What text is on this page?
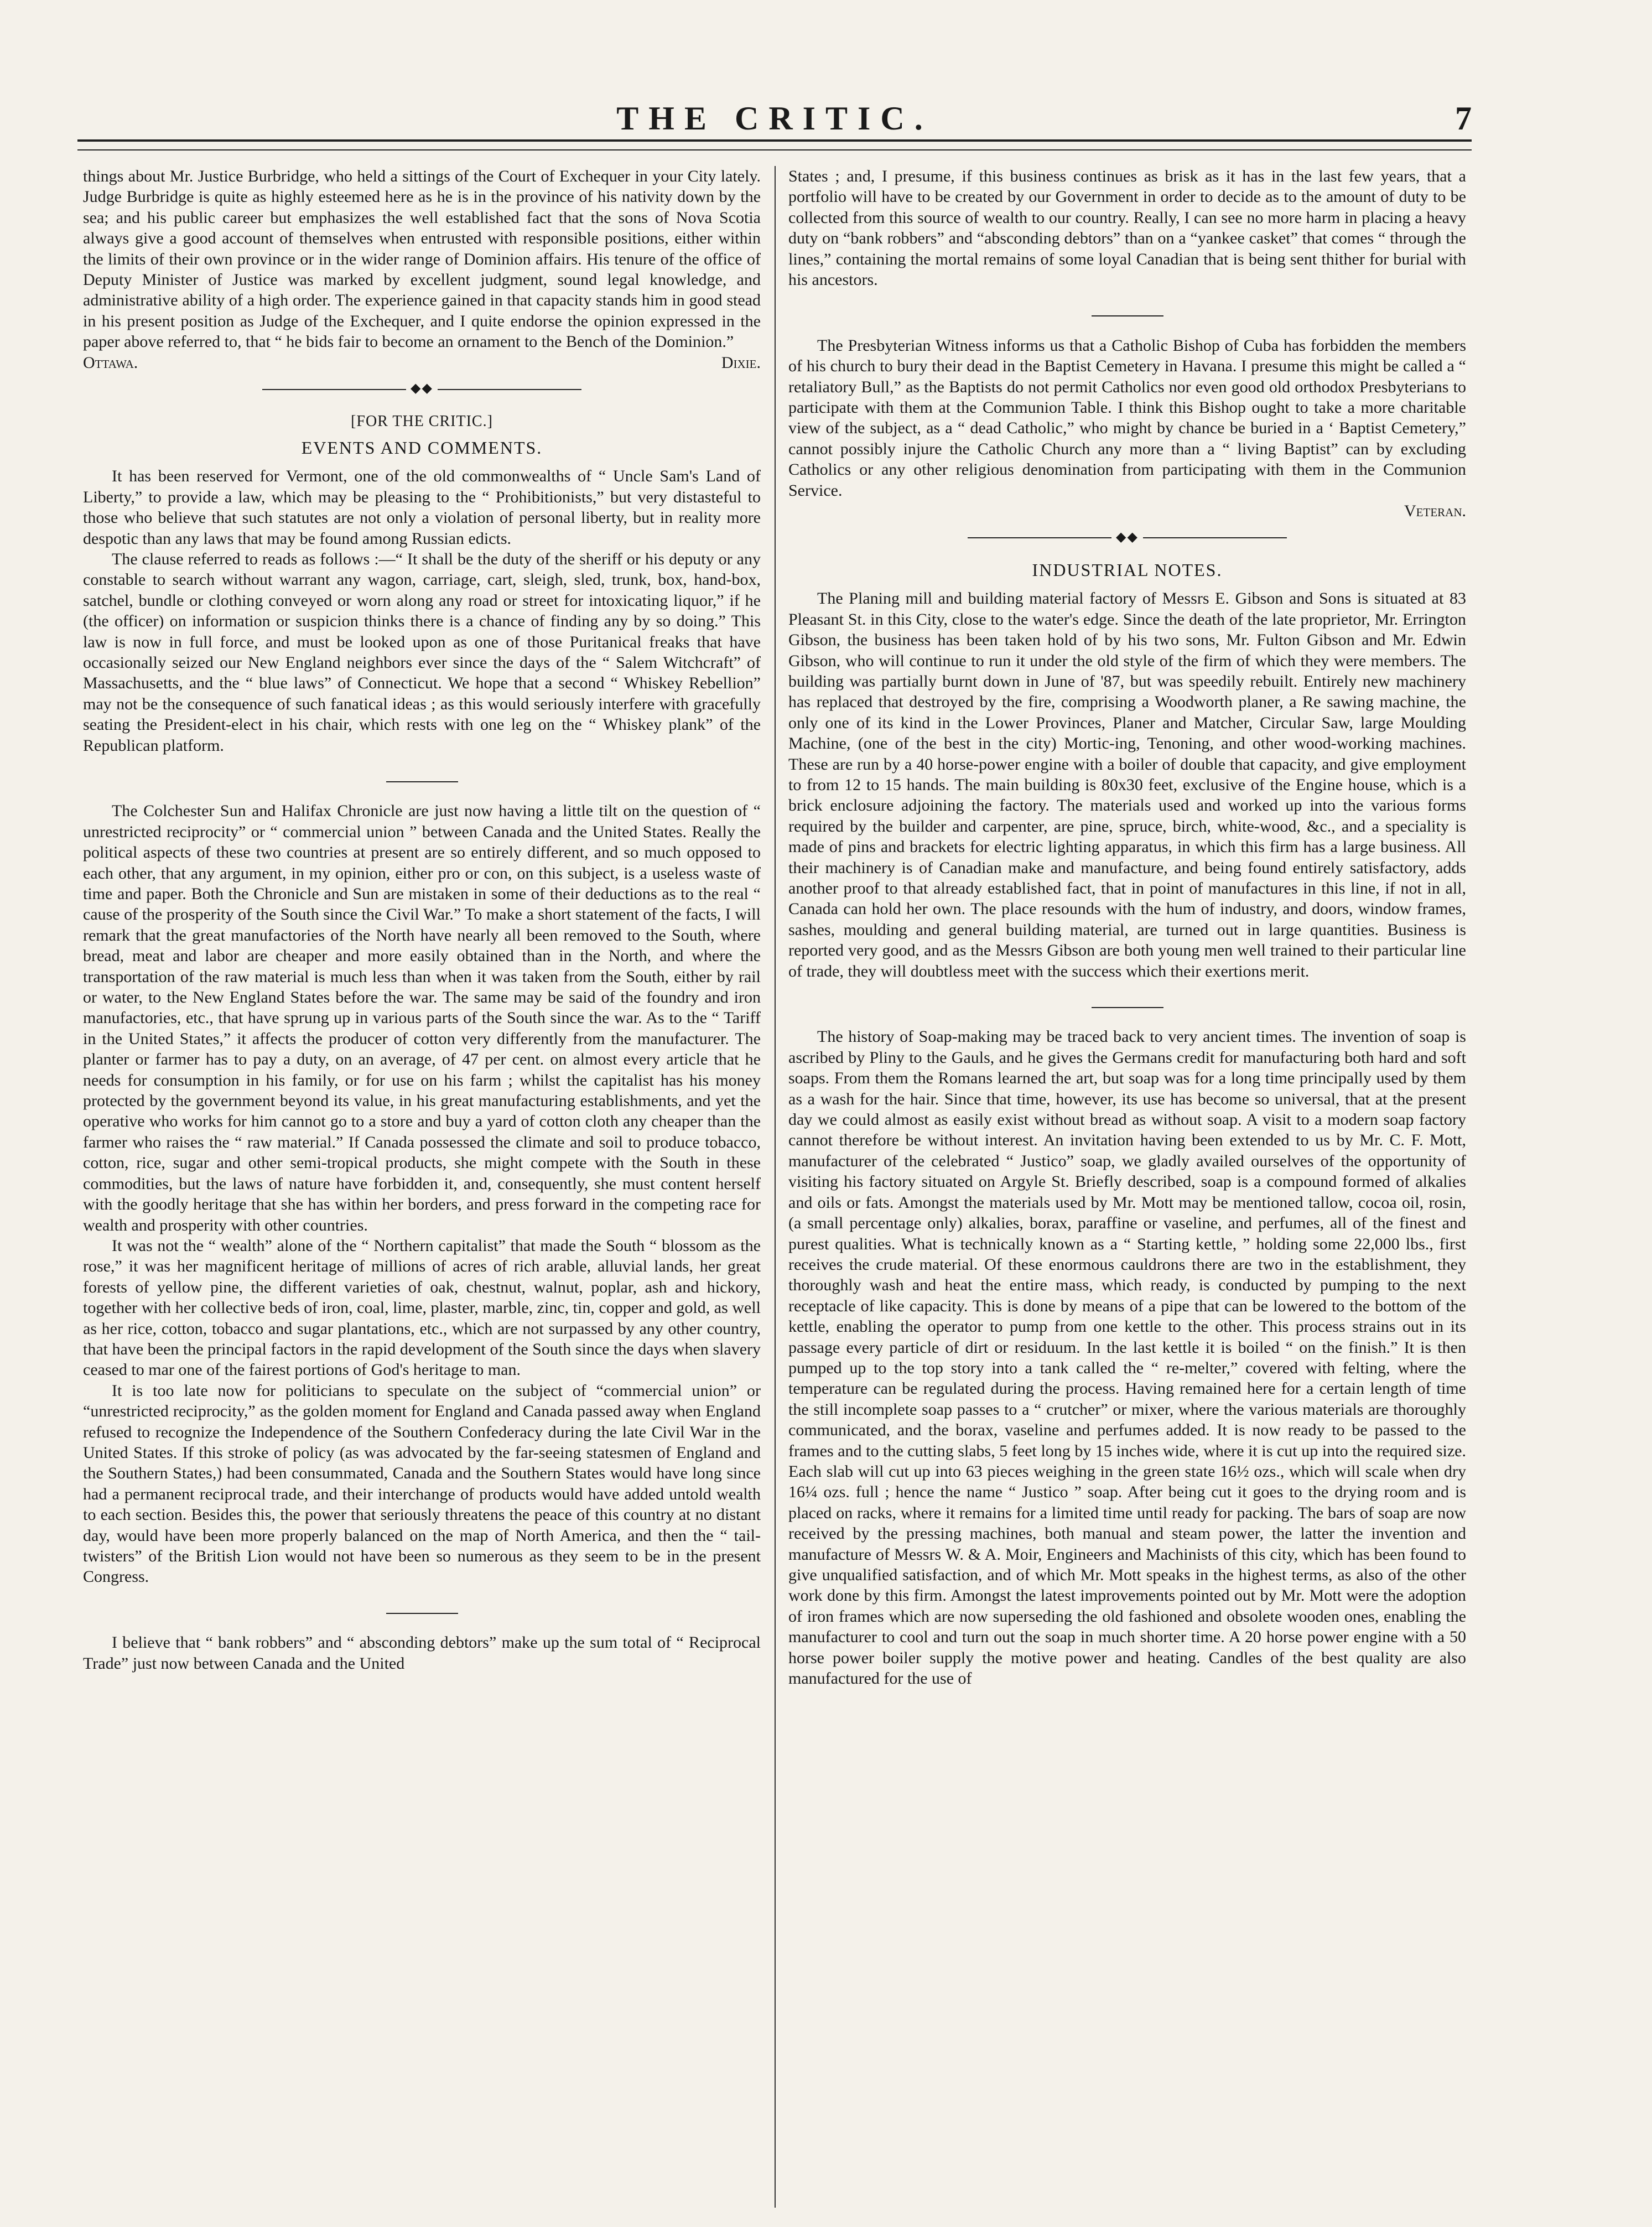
THE CRITIC.	7

things about Mr. Justice Burbridge, who held a sittings of the Court of Exchequer in your City lately. Judge Burbridge is quite as highly esteemed here as he is in the province of his nativity down by the sea; and his public career but emphasizes the well established fact that the sons of Nova Scotia always give a good account of themselves when entrusted with responsible positions, either within the limits of their own province or in the wider range of Dominion affairs. His tenure of the office of Deputy Minister of Justice was marked by excellent judgment, sound legal knowledge, and administrative ability of a high order. The experience gained in that capacity stands him in good stead in his present position as Judge of the Exchequer, and I quite endorse the opinion expressed in the paper above referred to, that “ he bids fair to become an ornament to the Bench of the Dominion.”

Ottawa.	Dixie.
◆◆
[FOR THE CRITIC.]
EVENTS AND COMMENTS.

It has been reserved for Vermont, one of the old commonwealths of “ Uncle Sam's Land of Liberty,” to provide a law, which may be pleasing to the “ Prohibitionists,” but very distasteful to those who believe that such statutes are not only a violation of personal liberty, but in reality more despotic than any laws that may be found among Russian edicts.

The clause referred to reads as follows :—“ It shall be the duty of the sheriff or his deputy or any constable to search without warrant any wagon, carriage, cart, sleigh, sled, trunk, box, hand-box, satchel, bundle or clothing conveyed or worn along any road or street for intoxicating liquor,” if he (the officer) on information or suspicion thinks there is a chance of finding any by so doing.” This law is now in full force, and must be looked upon as one of those Puritanical freaks that have occasionally seized our New England neighbors ever since the days of the “ Salem Witchcraft” of Massachusetts, and the “ blue laws” of Connecticut. We hope that a second “ Whiskey Rebellion” may not be the consequence of such fanatical ideas ; as this would seriously interfere with gracefully seating the President-elect in his chair, which rests with one leg on the “ Whiskey plank” of the Republican platform.

The Colchester Sun and Halifax Chronicle are just now having a little tilt on the question of “ unrestricted reciprocity” or “ commercial union ” between Canada and the United States. Really the political aspects of these two countries at present are so entirely different, and so much opposed to each other, that any argument, in my opinion, either pro or con, on this subject, is a useless waste of time and paper. Both the Chronicle and Sun are mistaken in some of their deductions as to the real “ cause of the prosperity of the South since the Civil War.” To make a short statement of the facts, I will remark that the great manufactories of the North have nearly all been removed to the South, where bread, meat and labor are cheaper and more easily obtained than in the North, and where the transportation of the raw material is much less than when it was taken from the South, either by rail or water, to the New England States before the war. The same may be said of the foundry and iron manufactories, etc., that have sprung up in various parts of the South since the war. As to the “ Tariff in the United States,” it affects the producer of cotton very differently from the manufacturer. The planter or farmer has to pay a duty, on an average, of 47 per cent. on almost every article that he needs for consumption in his family, or for use on his farm ; whilst the capitalist has his money protected by the government beyond its value, in his great manufacturing establishments, and yet the operative who works for him cannot go to a store and buy a yard of cotton cloth any cheaper than the farmer who raises the “ raw material.” If Canada possessed the climate and soil to produce tobacco, cotton, rice, sugar and other semi-tropical products, she might compete with the South in these commodities, but the laws of nature have forbidden it, and, consequently, she must content herself with the goodly heritage that she has within her borders, and press forward in the competing race for wealth and prosperity with other countries.

It was not the “ wealth” alone of the “ Northern capitalist” that made the South “ blossom as the rose,” it was her magnificent heritage of millions of acres of rich arable, alluvial lands, her great forests of yellow pine, the different varieties of oak, chestnut, walnut, poplar, ash and hickory, together with her collective beds of iron, coal, lime, plaster, marble, zinc, tin, copper and gold, as well as her rice, cotton, tobacco and sugar plantations, etc., which are not surpassed by any other country, that have been the principal factors in the rapid development of the South since the days when slavery ceased to mar one of the fairest portions of God's heritage to man.

It is too late now for politicians to speculate on the subject of “commercial union” or “unrestricted reciprocity,” as the golden moment for England and Canada passed away when England refused to recognize the Independence of the Southern Confederacy during the late Civil War in the United States. If this stroke of policy (as was advocated by the far-seeing statesmen of England and the Southern States,) had been consummated, Canada and the Southern States would have long since had a permanent reciprocal trade, and their interchange of products would have added untold wealth to each section. Besides this, the power that seriously threatens the peace of this country at no distant day, would have been more properly balanced on the map of North America, and then the “ tail-twisters” of the British Lion would not have been so numerous as they seem to be in the present Congress.

I believe that “ bank robbers” and “ absconding debtors” make up the sum total of “ Reciprocal Trade” just now between Canada and the United

States ; and, I presume, if this business continues as brisk as it has in the last few years, that a portfolio will have to be created by our Government in order to decide as to the amount of duty to be collected from this source of wealth to our country. Really, I can see no more harm in placing a heavy duty on “bank robbers” and “absconding debtors” than on a “yankee casket” that comes “ through the lines,” containing the mortal remains of some loyal Canadian that is being sent thither for burial with his ancestors.

The Presbyterian Witness informs us that a Catholic Bishop of Cuba has forbidden the members of his church to bury their dead in the Baptist Cemetery in Havana. I presume this might be called a “ retaliatory Bull,” as the Baptists do not permit Catholics nor even good old orthodox Presbyterians to participate with them at the Communion Table. I think this Bishop ought to take a more charitable view of the subject, as a “ dead Catholic,” who might by chance be buried in a ‘ Baptist Cemetery,” cannot possibly injure the Catholic Church any more than a “ living Baptist” can by excluding Catholics or any other religious denomination from participating with them in the Communion Service.

Veteran.
◆◆
INDUSTRIAL NOTES.

The Planing mill and building material factory of Messrs E. Gibson and Sons is situated at 83 Pleasant St. in this City, close to the water's edge. Since the death of the late proprietor, Mr. Errington Gibson, the business has been taken hold of by his two sons, Mr. Fulton Gibson and Mr. Edwin Gibson, who will continue to run it under the old style of the firm of which they were members. The building was partially burnt down in June of '87, but was speedily rebuilt. Entirely new machinery has replaced that destroyed by the fire, comprising a Woodworth planer, a Re sawing machine, the only one of its kind in the Lower Provinces, Planer and Matcher, Circular Saw, large Moulding Machine, (one of the best in the city) Mortic-ing, Tenoning, and other wood-working machines. These are run by a 40 horse-power engine with a boiler of double that capacity, and give employment to from 12 to 15 hands. The main building is 80x30 feet, exclusive of the Engine house, which is a brick enclosure adjoining the factory. The materials used and worked up into the various forms required by the builder and carpenter, are pine, spruce, birch, white-wood, &c., and a speciality is made of pins and brackets for electric lighting apparatus, in which this firm has a large business. All their machinery is of Canadian make and manufacture, and being found entirely satisfactory, adds another proof to that already established fact, that in point of manufactures in this line, if not in all, Canada can hold her own. The place resounds with the hum of industry, and doors, window frames, sashes, moulding and general building material, are turned out in large quantities. Business is reported very good, and as the Messrs Gibson are both young men well trained to their particular line of trade, they will doubtless meet with the success which their exertions merit.

The history of Soap-making may be traced back to very ancient times. The invention of soap is ascribed by Pliny to the Gauls, and he gives the Germans credit for manufacturing both hard and soft soaps. From them the Romans learned the art, but soap was for a long time principally used by them as a wash for the hair. Since that time, however, its use has become so universal, that at the present day we could almost as easily exist without bread as without soap. A visit to a modern soap factory cannot therefore be without interest. An invitation having been extended to us by Mr. C. F. Mott, manufacturer of the celebrated “ Justico” soap, we gladly availed ourselves of the opportunity of visiting his factory situated on Argyle St. Briefly described, soap is a compound formed of alkalies and oils or fats. Amongst the materials used by Mr. Mott may be mentioned tallow, cocoa oil, rosin, (a small percentage only) alkalies, borax, paraffine or vaseline, and perfumes, all of the finest and purest qualities. What is technically known as a “ Starting kettle, ” holding some 22,000 lbs., first receives the crude material. Of these enormous cauldrons there are two in the establishment, they thoroughly wash and heat the entire mass, which ready, is conducted by pumping to the next receptacle of like capacity. This is done by means of a pipe that can be lowered to the bottom of the kettle, enabling the operator to pump from one kettle to the other. This process strains out in its passage every particle of dirt or residuum. In the last kettle it is boiled “ on the finish.” It is then pumped up to the top story into a tank called the “ re-melter,” covered with felting, where the temperature can be regulated during the process. Having remained here for a certain length of time the still incomplete soap passes to a “ crutcher” or mixer, where the various materials are thoroughly communicated, and the borax, vaseline and perfumes added. It is now ready to be passed to the frames and to the cutting slabs, 5 feet long by 15 inches wide, where it is cut up into the required size. Each slab will cut up into 63 pieces weighing in the green state 16½ ozs., which will scale when dry 16¼ ozs. full ; hence the name “ Justico ” soap. After being cut it goes to the drying room and is placed on racks, where it remains for a limited time until ready for packing. The bars of soap are now received by the pressing machines, both manual and steam power, the latter the invention and manufacture of Messrs W. & A. Moir, Engineers and Machinists of this city, which has been found to give unqualified satisfaction, and of which Mr. Mott speaks in the highest terms, as also of the other work done by this firm. Amongst the latest improvements pointed out by Mr. Mott were the adoption of iron frames which are now superseding the old fashioned and obsolete wooden ones, enabling the manufacturer to cool and turn out the soap in much shorter time. A 20 horse power engine with a 50 horse power boiler supply the motive power and heating. Candles of the best quality are also manufactured for the use of
